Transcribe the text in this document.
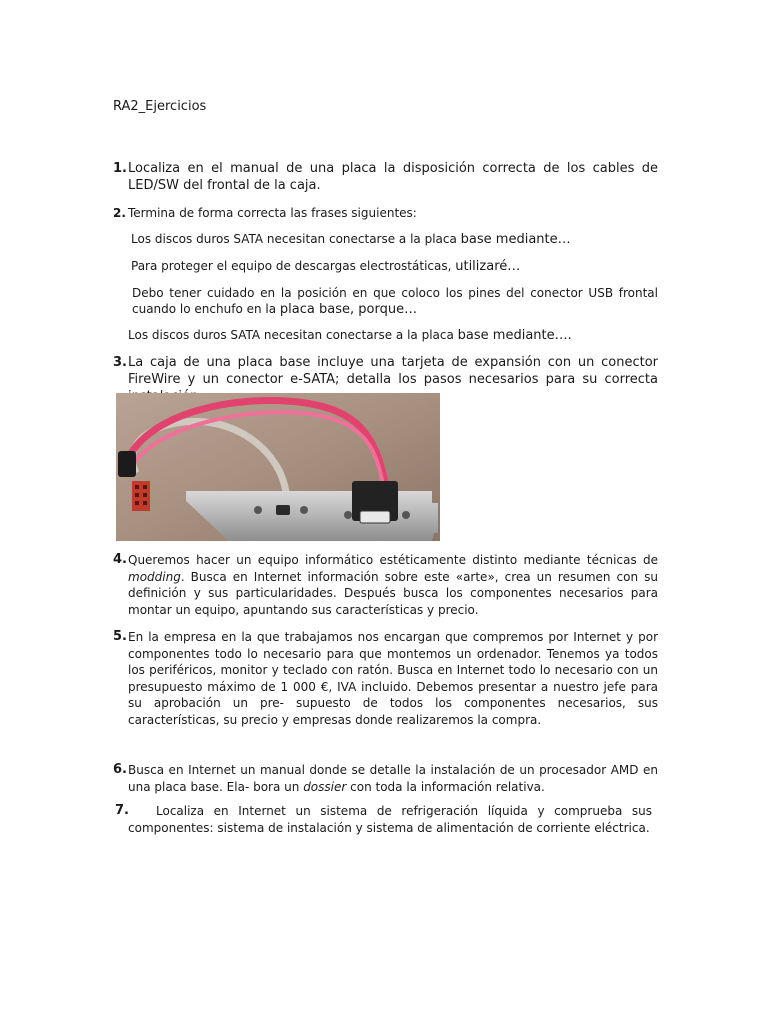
RA2_Ejercicios
1. Localiza en el manual de una placa la disposición correcta de los cables de LED/SW del frontal de la caja.
2. Termina de forma correcta las frases siguientes:
Los discos duros SATA necesitan conectarse a la placa base mediante…
Para proteger el equipo de descargas electrostáticas, utilizaré…
Debo tener cuidado en la posición en que coloco los pines del conector USB frontal cuando lo enchufo en la placa base, porque…
Los discos duros SATA necesitan conectarse a la placa base mediante….
3. La caja de una placa base incluye una tarjeta de expansión con un conector FireWire y un conector e-SATA; detalla los pasos necesarios para su correcta
4. Queremos hacer un equipo informático estéticamente distinto mediante técnicas de modding. Busca en Internet información sobre este «arte», crea un resumen con su definición y sus particularidades. Después busca los componentes necesarios para montar un equipo, apuntando sus características y precio.
5. En la empresa en la que trabajamos nos encargan que compremos por Internet y por componentes todo lo necesario para que montemos un ordenador. Tenemos ya todos los periféricos, monitor y teclado con ratón. Busca en Internet todo lo necesario con un presupuesto máximo de 1 000 €, IVA incluido. Debemos presentar a nuestro jefe para su aprobación un pre- supuesto de todos los componentes necesarios, sus características, su precio y empresas donde realizaremos la compra.
6. Busca en Internet un manual donde se detalle la instalación de un procesador AMD en una placa base. Ela- bora un dossier con toda la información relativa.
7.	Localiza en Internet un sistema de refrigeración líquida y comprueba sus componentes: sistema de instalación y sistema de alimentación de corriente eléctrica.
